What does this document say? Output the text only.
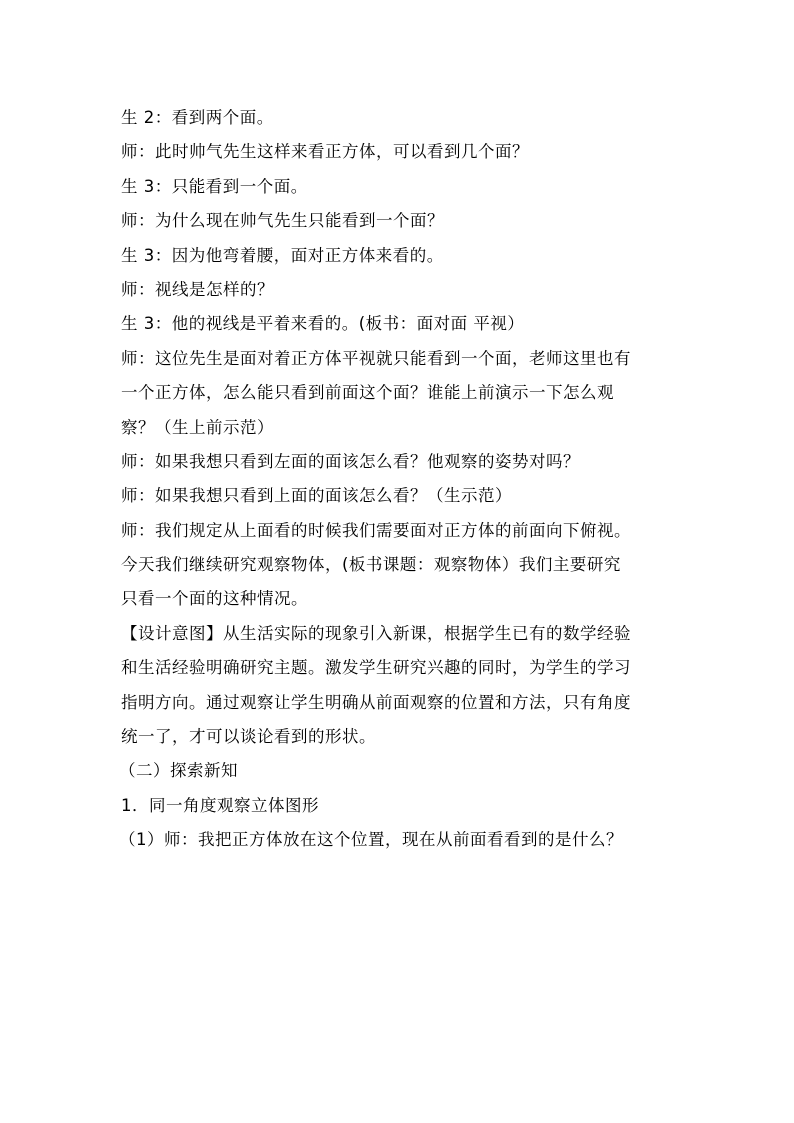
生 2：看到两个面。
师：此时帅气先生这样来看正方体，可以看到几个面？
生 3：只能看到一个面。
师：为什么现在帅气先生只能看到一个面？
生 3：因为他弯着腰，面对正方体来看的。
师：视线是怎样的？
生 3：他的视线是平着来看的。(板书：面对面 平视）
师：这位先生是面对着正方体平视就只能看到一个面，老师这里也有
一个正方体，怎么能只看到前面这个面？谁能上前演示一下怎么观
察？（生上前示范）
师：如果我想只看到左面的面该怎么看？他观察的姿势对吗？
师：如果我想只看到上面的面该怎么看？（生示范）
师：我们规定从上面看的时候我们需要面对正方体的前面向下俯视。
今天我们继续研究观察物体，(板书课题：观察物体）我们主要研究
只看一个面的这种情况。
【设计意图】从生活实际的现象引入新课，根据学生已有的数学经验
和生活经验明确研究主题。激发学生研究兴趣的同时，为学生的学习
指明方向。通过观察让学生明确从前面观察的位置和方法，只有角度
统一了，才可以谈论看到的形状。
（二）探索新知
1．同一角度观察立体图形
（1）师：我把正方体放在这个位置，现在从前面看看到的是什么？
